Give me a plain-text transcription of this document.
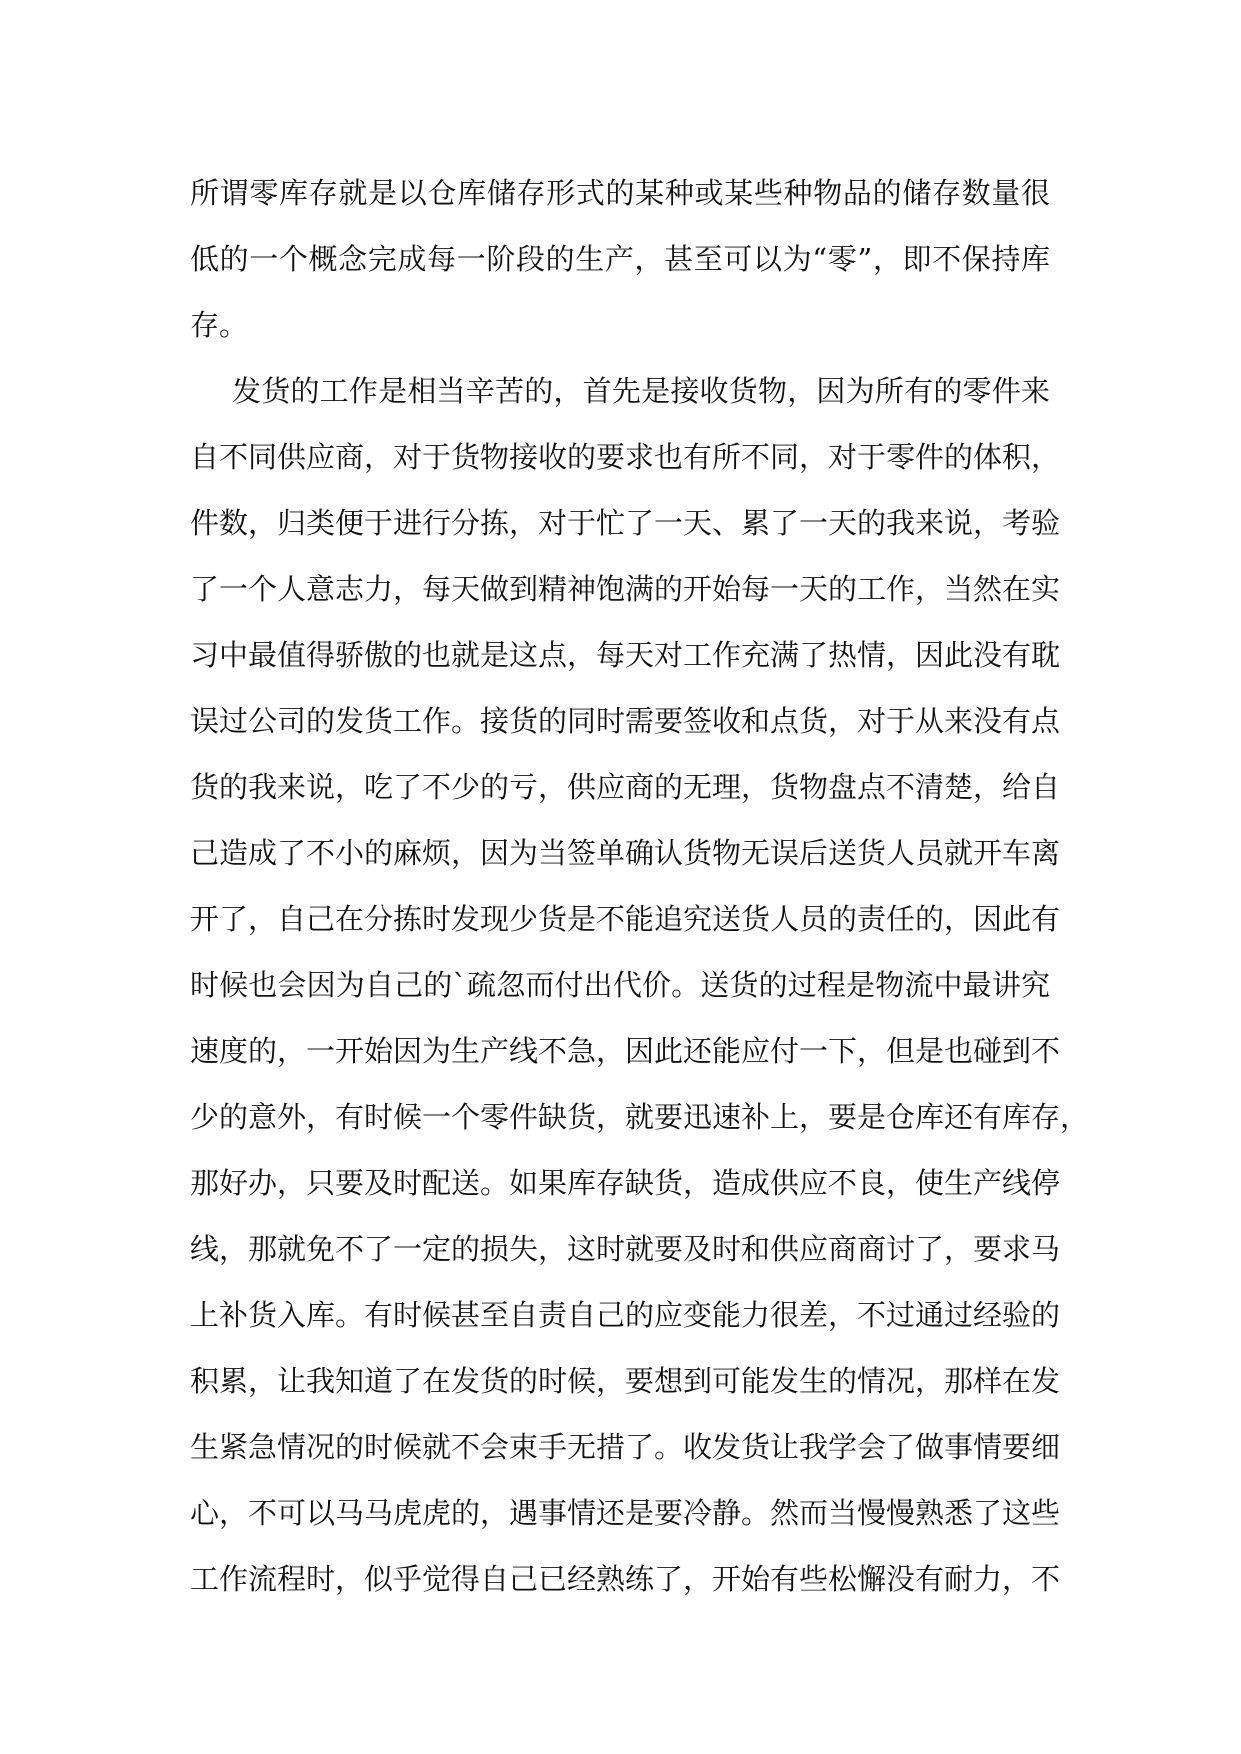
所谓零库存就是以仓库储存形式的某种或某些种物品的储存数量很
低的一个概念完成每一阶段的生产，甚至可以为“零”，即不保持库
存。
发货的工作是相当辛苦的，首先是接收货物，因为所有的零件来
自不同供应商，对于货物接收的要求也有所不同，对于零件的体积，
件数，归类便于进行分拣，对于忙了一天、累了一天的我来说，考验
了一个人意志力，每天做到精神饱满的开始每一天的工作，当然在实
习中最值得骄傲的也就是这点，每天对工作充满了热情，因此没有耽
误过公司的发货工作。接货的同时需要签收和点货，对于从来没有点
货的我来说，吃了不少的亏，供应商的无理，货物盘点不清楚，给自
己造成了不小的麻烦，因为当签单确认货物无误后送货人员就开车离
开了，自己在分拣时发现少货是不能追究送货人员的责任的，因此有
时候也会因为自己的`疏忽而付出代价。送货的过程是物流中最讲究
速度的，一开始因为生产线不急，因此还能应付一下，但是也碰到不
少的意外，有时候一个零件缺货，就要迅速补上，要是仓库还有库存，
那好办，只要及时配送。如果库存缺货，造成供应不良，使生产线停
线，那就免不了一定的损失，这时就要及时和供应商商讨了，要求马
上补货入库。有时候甚至自责自己的应变能力很差，不过通过经验的
积累，让我知道了在发货的时候，要想到可能发生的情况，那样在发
生紧急情况的时候就不会束手无措了。收发货让我学会了做事情要细
心，不可以马马虎虎的，遇事情还是要冷静。然而当慢慢熟悉了这些
工作流程时，似乎觉得自己已经熟练了，开始有些松懈没有耐力，不
